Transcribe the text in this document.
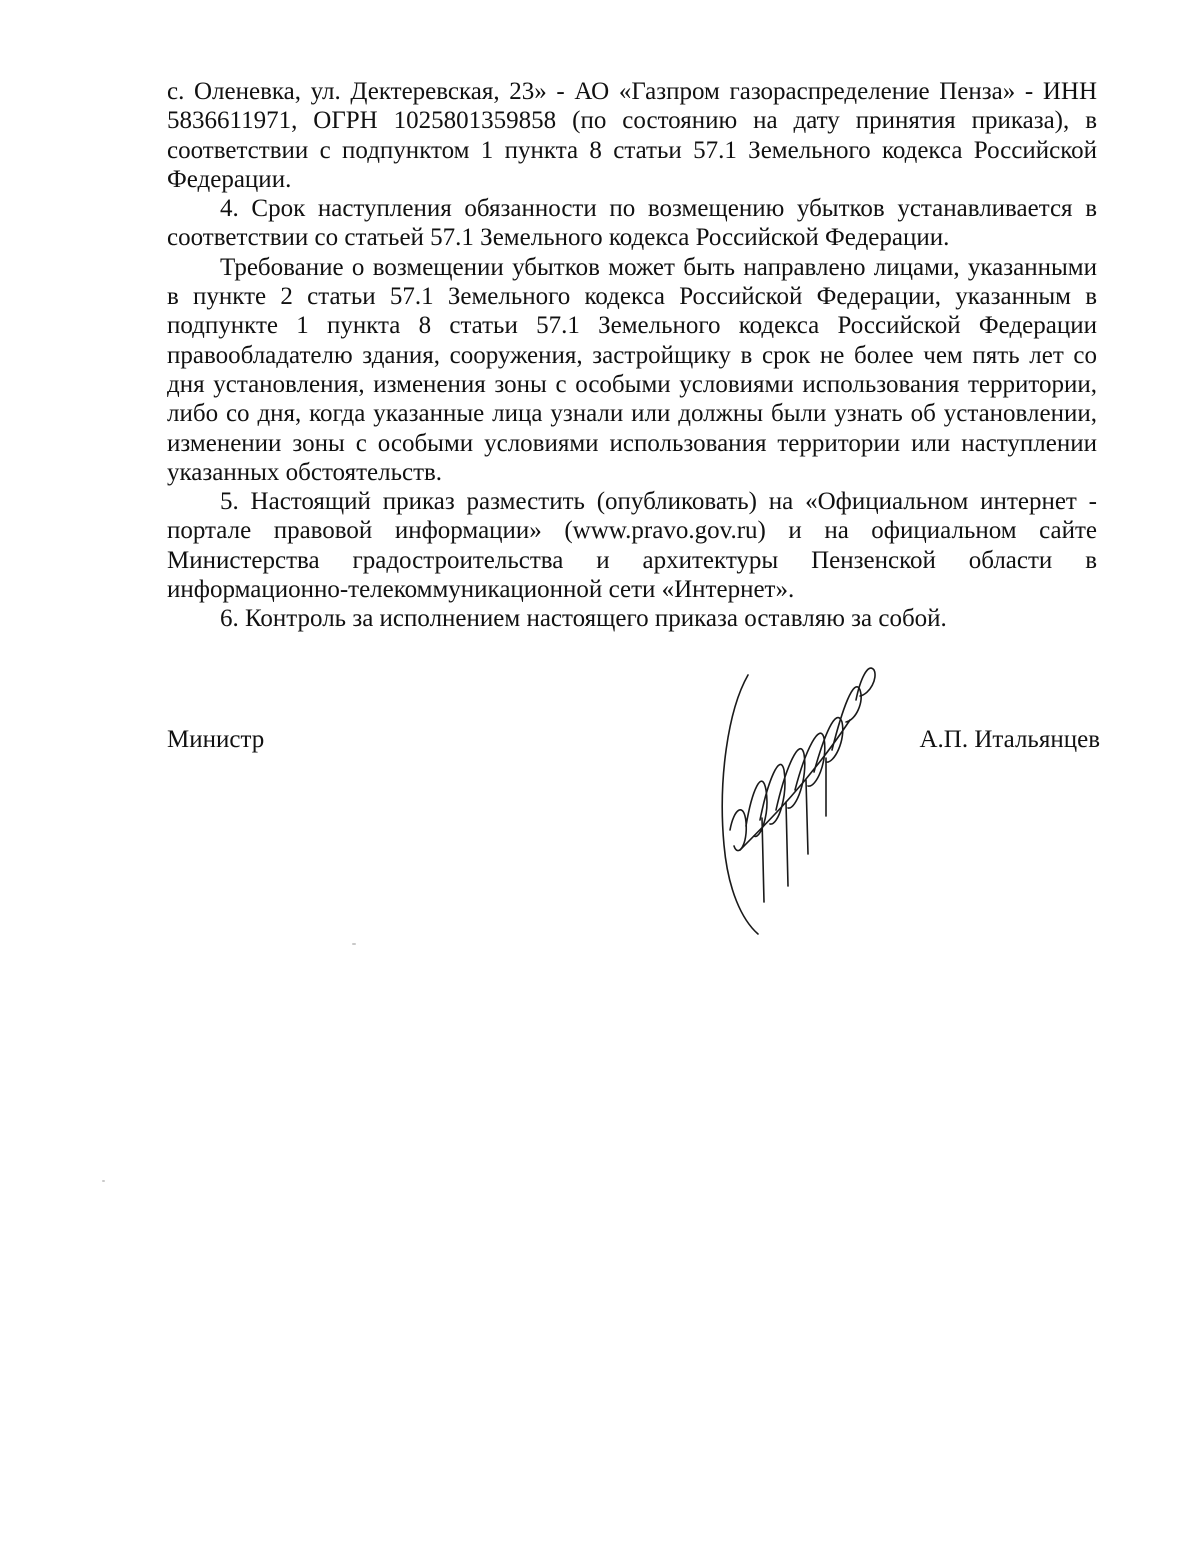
с. Оленевка, ул. Дектеревская, 23» - АО «Газпром газораспределение Пенза» - ИНН 5836611971, ОГРН 1025801359858 (по состоянию на дату принятия приказа), в соответствии с подпунктом 1 пункта 8 статьи 57.1 Земельного кодекса Российской Федерации.

4. Срок наступления обязанности по возмещению убытков устанавливается в соответствии со статьей 57.1 Земельного кодекса Российской Федерации.

Требование о возмещении убытков может быть направлено лицами, указанными в пункте 2 статьи 57.1 Земельного кодекса Российской Федерации, указанным в подпункте 1 пункта 8 статьи 57.1 Земельного кодекса Российской Федерации правообладателю здания, сооружения, застройщику в срок не более чем пять лет со дня установления, изменения зоны с особыми условиями использования территории, либо со дня, когда указанные лица узнали или должны были узнать об установлении, изменении зоны с особыми условиями использования территории или наступлении указанных обстоятельств.

5. Настоящий приказ разместить (опубликовать) на «Официальном интернет - портале правовой информации» (www.pravo.gov.ru) и на официальном сайте Министерства градостроительства и архитектуры Пензенской области в информационно-телекоммуникационной сети «Интернет».

6. Контроль за исполнением настоящего приказа оставляю за собой.

Министр	А.П. Итальянцев
